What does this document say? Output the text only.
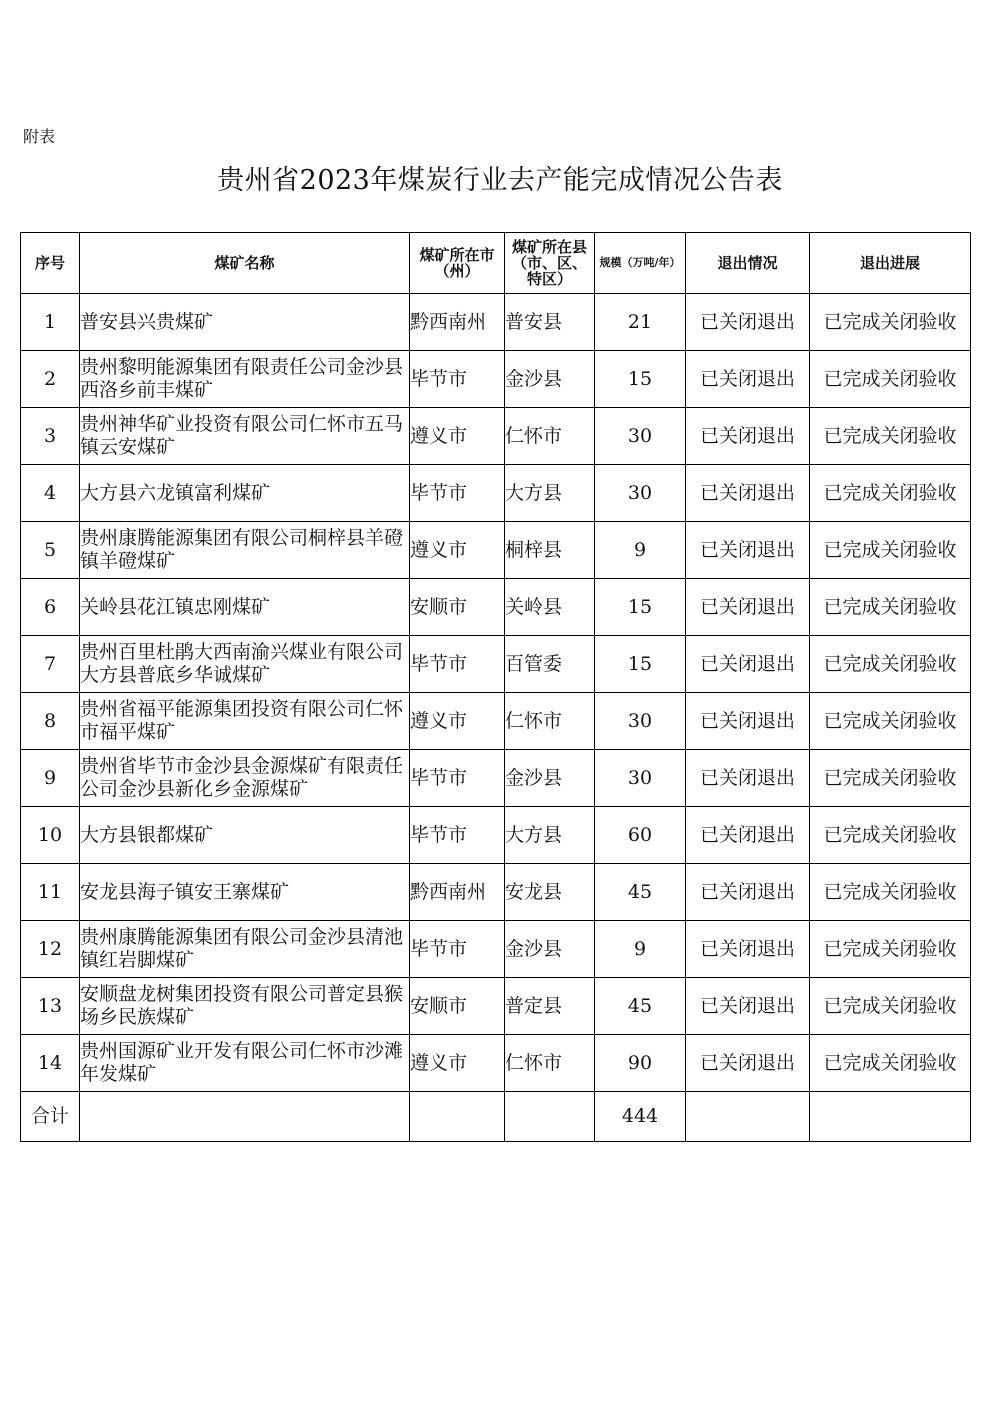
附表
贵州省2023年煤炭行业去产能完成情况公告表
序号	煤矿名称	煤矿所在市（州）	煤矿所在县（市、区、特区）	规模（万吨/年）	退出情况	退出进展
1	普安县兴贵煤矿	黔西南州	普安县	21	已关闭退出	已完成关闭验收
2	贵州黎明能源集团有限责任公司金沙县西洛乡前丰煤矿	毕节市	金沙县	15	已关闭退出	已完成关闭验收
3	贵州神华矿业投资有限公司仁怀市五马镇云安煤矿	遵义市	仁怀市	30	已关闭退出	已完成关闭验收
4	大方县六龙镇富利煤矿	毕节市	大方县	30	已关闭退出	已完成关闭验收
5	贵州康腾能源集团有限公司桐梓县羊磴镇羊磴煤矿	遵义市	桐梓县	9	已关闭退出	已完成关闭验收
6	关岭县花江镇忠刚煤矿	安顺市	关岭县	15	已关闭退出	已完成关闭验收
7	贵州百里杜鹃大西南渝兴煤业有限公司大方县普底乡华诚煤矿	毕节市	百管委	15	已关闭退出	已完成关闭验收
8	贵州省福平能源集团投资有限公司仁怀市福平煤矿	遵义市	仁怀市	30	已关闭退出	已完成关闭验收
9	贵州省毕节市金沙县金源煤矿有限责任公司金沙县新化乡金源煤矿	毕节市	金沙县	30	已关闭退出	已完成关闭验收
10	大方县银都煤矿	毕节市	大方县	60	已关闭退出	已完成关闭验收
11	安龙县海子镇安王寨煤矿	黔西南州	安龙县	45	已关闭退出	已完成关闭验收
12	贵州康腾能源集团有限公司金沙县清池镇红岩脚煤矿	毕节市	金沙县	9	已关闭退出	已完成关闭验收
13	安顺盘龙树集团投资有限公司普定县猴场乡民族煤矿	安顺市	普定县	45	已关闭退出	已完成关闭验收
14	贵州国源矿业开发有限公司仁怀市沙滩年发煤矿	遵义市	仁怀市	90	已关闭退出	已完成关闭验收
合计				444		
